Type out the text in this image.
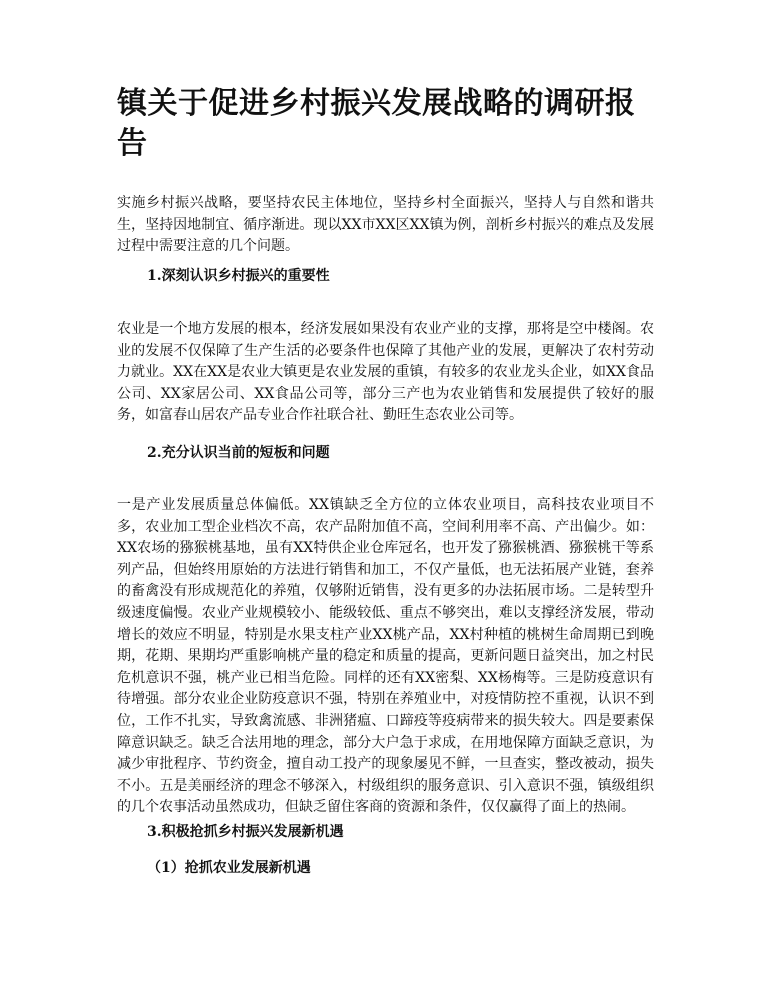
镇关于促进乡村振兴发展战略的调研报告

实施乡村振兴战略，要坚持农民主体地位，坚持乡村全面振兴，坚持人与自然和谐共生，坚持因地制宜、循序渐进。现以XX市XX区XX镇为例，剖析乡村振兴的难点及发展过程中需要注意的几个问题。

1.深刻认识乡村振兴的重要性

农业是一个地方发展的根本，经济发展如果没有农业产业的支撑，那将是空中楼阁。农业的发展不仅保障了生产生活的必要条件也保障了其他产业的发展，更解决了农村劳动力就业。XX在XX是农业大镇更是农业发展的重镇，有较多的农业龙头企业，如XX食品公司、XX家居公司、XX食品公司等，部分三产也为农业销售和发展提供了较好的服务，如富春山居农产品专业合作社联合社、勤旺生态农业公司等。

2.充分认识当前的短板和问题

一是产业发展质量总体偏低。XX镇缺乏全方位的立体农业项目，高科技农业项目不多，农业加工型企业档次不高，农产品附加值不高，空间利用率不高、产出偏少。如：XX农场的猕猴桃基地，虽有XX特供企业仓库冠名，也开发了猕猴桃酒、猕猴桃干等系列产品，但始终用原始的方法进行销售和加工，不仅产量低，也无法拓展产业链，套养的畜禽没有形成规范化的养殖，仅够附近销售，没有更多的办法拓展市场。二是转型升级速度偏慢。农业产业规模较小、能级较低、重点不够突出，难以支撑经济发展，带动增长的效应不明显，特别是水果支柱产业XX桃产品，XX村种植的桃树生命周期已到晚期，花期、果期均严重影响桃产量的稳定和质量的提高，更新问题日益突出，加之村民危机意识不强，桃产业已相当危险。同样的还有XX密梨、XX杨梅等。三是防疫意识有待增强。部分农业企业防疫意识不强，特别在养殖业中，对疫情防控不重视，认识不到位，工作不扎实，导致禽流感、非洲猪瘟、口蹄疫等疫病带来的损失较大。四是要素保障意识缺乏。缺乏合法用地的理念，部分大户急于求成，在用地保障方面缺乏意识，为减少审批程序、节约资金，擅自动工投产的现象屡见不鲜，一旦查实，整改被动，损失不小。五是美丽经济的理念不够深入，村级组织的服务意识、引入意识不强，镇级组织的几个农事活动虽然成功，但缺乏留住客商的资源和条件，仅仅赢得了面上的热闹。

3.积极抢抓乡村振兴发展新机遇
（1）抢抓农业发展新机遇
